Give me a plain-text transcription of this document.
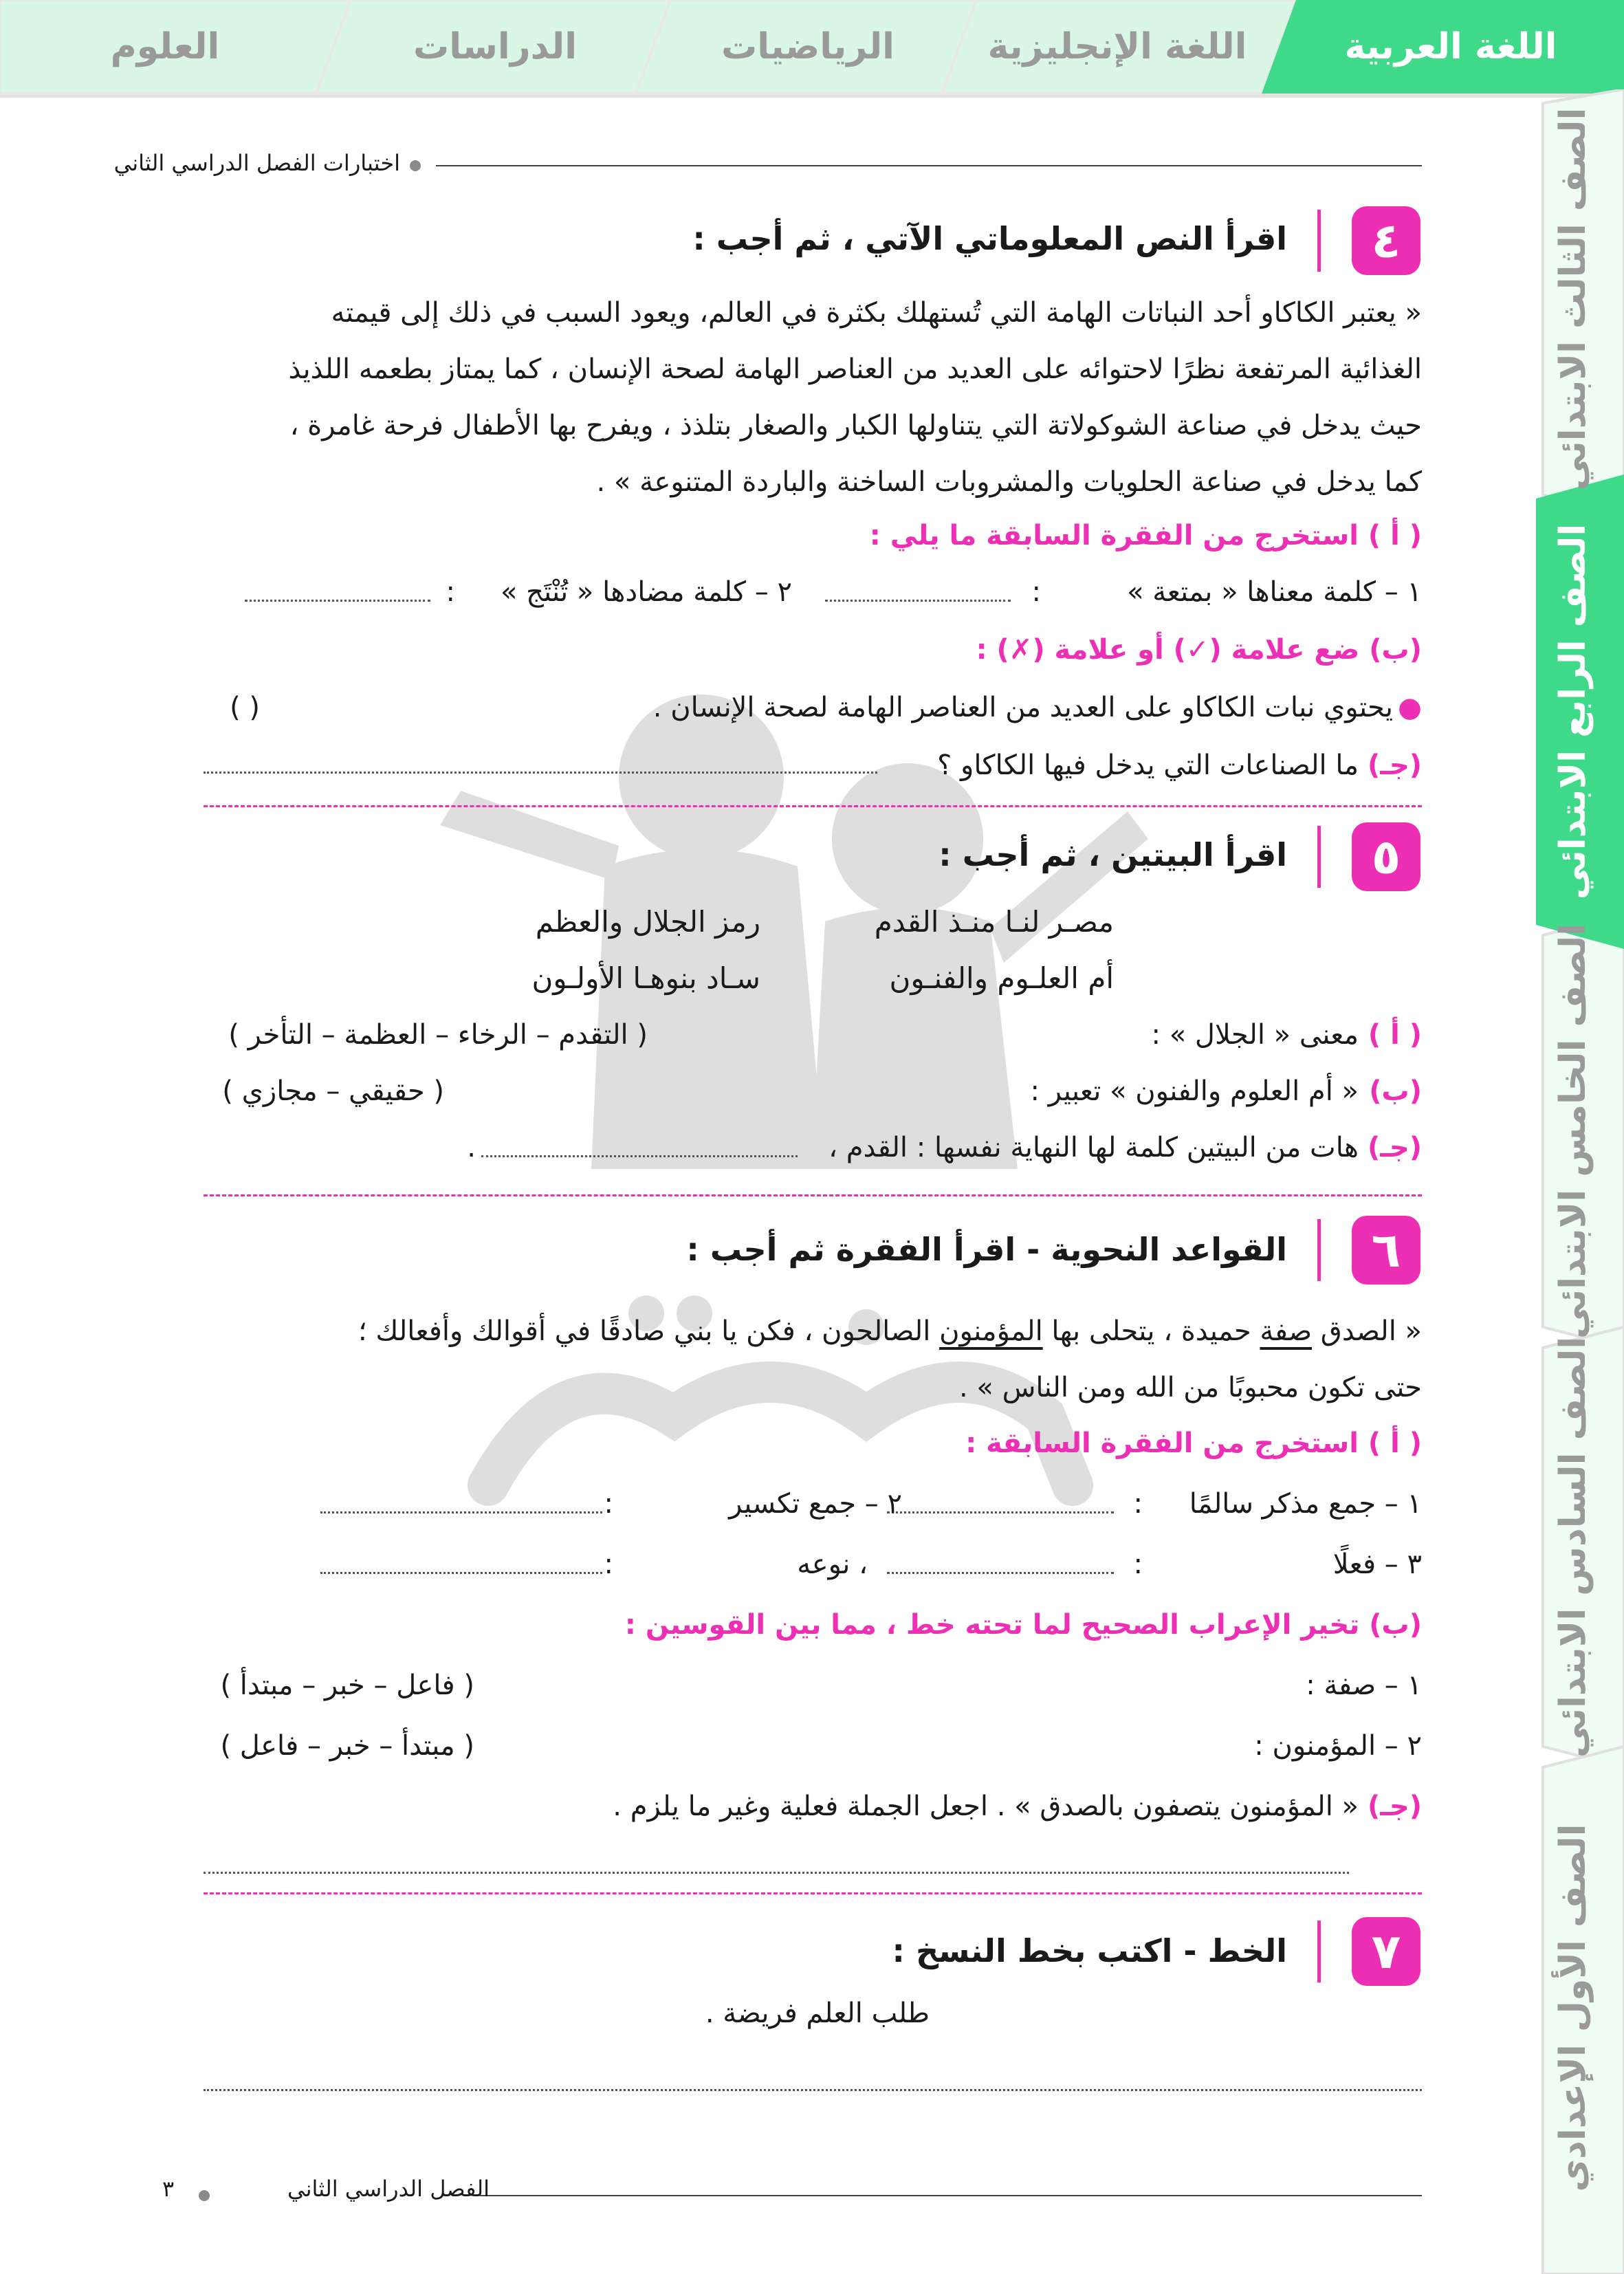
العلوم	الدراسات	الرياضيات	اللغة الإنجليزية	اللغة العربية
الصف الثالث الابتدائي
الصف الرابع الابتدائي
الصف الخامس الابتدائي
الصف السادس الابتدائي
الصف الأول الإعدادي
اختبارات الفصل الدراسي الثاني
٤
اقرأ النص المعلوماتي الآتي ، ثم أجب :
« يعتبر الكاكاو أحد النباتات الهامة التي تُستهلك بكثرة في العالم، ويعود السبب في ذلك إلى قيمته
الغذائية المرتفعة نظرًا لاحتوائه على العديد من العناصر الهامة لصحة الإنسان ، كما يمتاز بطعمه اللذيذ
حيث يدخل في صناعة الشوكولاتة التي يتناولها الكبار والصغار بتلذذ ، ويفرح بها الأطفال فرحة غامرة ،
كما يدخل في صناعة الحلويات والمشروبات الساخنة والباردة المتنوعة » .
( أ ) استخرج من الفقرة السابقة ما يلي :
١ – كلمة معناها « بمتعة »
:
٢ – كلمة مضادها « تُنْتَج »
:
(ب) ضع علامة (✓) أو علامة (✗) :
●
يحتوي نبات الكاكاو على العديد من العناصر الهامة لصحة الإنسان .
( )
(جـ)
ما الصناعات التي يدخل فيها الكاكاو ؟
٥
اقرأ البيتين ، ثم أجب :
مصـر لنـا منـذ القدم
رمز الجلال والعظم
أم العلـوم والفنـون
سـاد بنوهـا الأولـون
( أ )
معنى « الجلال » :
( التقدم – الرخاء – العظمة – التأخر )
(ب)
« أم العلوم والفنون » تعبير :
( حقيقي – مجازي )
(جـ)
هات من البيتين كلمة لها النهاية نفسها : القدم ،
.
٦
القواعد النحوية - اقرأ الفقرة ثم أجب :
« الصدق صفة حميدة ، يتحلى بها المؤمنون الصالحون ، فكن يا بني صادقًا في أقوالك وأفعالك ؛
حتى تكون محبوبًا من الله ومن الناس » .
( أ ) استخرج من الفقرة السابقة :
١ – جمع مذكر سالمًا
:
٢ – جمع تكسير
:
٣ – فعلًا
:
، نوعه
:
(ب) تخير الإعراب الصحيح لما تحته خط ، مما بين القوسين :
١ – صفة :
( فاعل – خبر – مبتدأ )
٢ – المؤمنون :
( مبتدأ – خبر – فاعل )
(جـ)
« المؤمنون يتصفون بالصدق » . اجعل الجملة فعلية وغير ما يلزم .
٧
الخط - اكتب بخط النسخ :
طلب العلم فريضة .
الفصل الدراسي الثاني
٣
